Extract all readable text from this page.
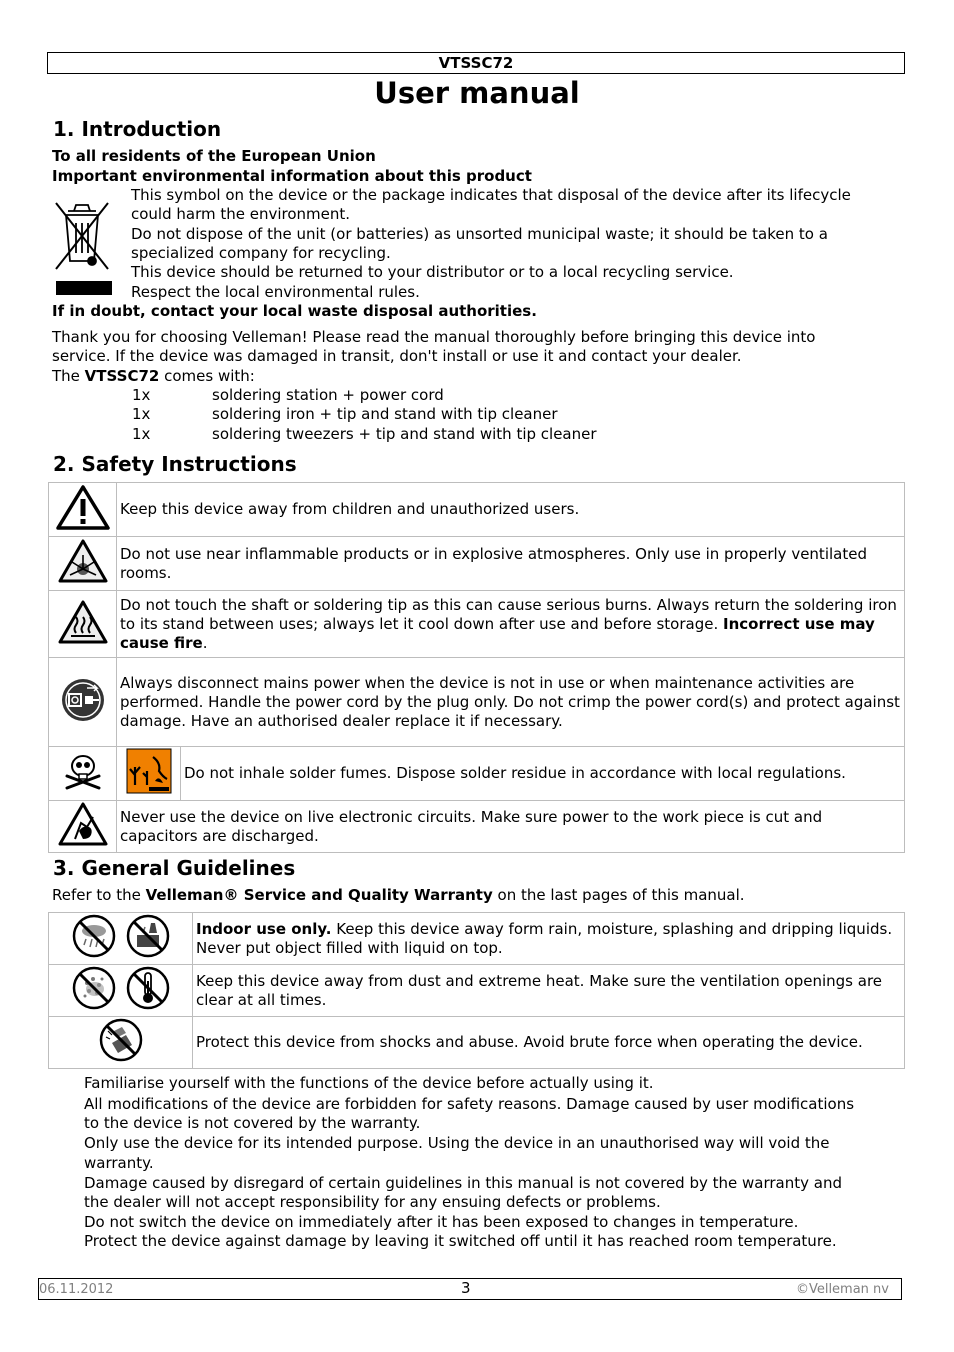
VTSSC72
User manual
1. Introduction
To all residents of the European Union
Important environmental information about this product
This symbol on the device or the package indicates that disposal of the device after its lifecycle
could harm the environment.
Do not dispose of the unit (or batteries) as unsorted municipal waste; it should be taken to a
specialized company for recycling.
This device should be returned to your distributor or to a local recycling service.
Respect the local environmental rules.
If in doubt, contact your local waste disposal authorities.
Thank you for choosing Velleman! Please read the manual thoroughly before bringing this device into
service. If the device was damaged in transit, don't install or use it and contact your dealer.
The VTSSC72 comes with:
1x	soldering station + power cord
1x	soldering iron + tip and stand with tip cleaner
1x	soldering tweezers + tip and stand with tip cleaner
2. Safety Instructions
	Keep this device away from children and unauthorized users.	
	Do not use near inflammable products or in explosive atmospheres. Only use in properly ventilated rooms.	
	Do not touch the shaft or soldering tip as this can cause serious burns. Always return the soldering iron to its stand between uses; always let it cool down after use and before storage. Incorrect use may cause fire.	
	Always disconnect mains power when the device is not in use or when maintenance activities are performed. Handle the power cord by the plug only. Do not crimp the power cord(s) and protect against damage. Have an authorised dealer replace it if necessary.	
		Do not inhale solder fumes. Dispose solder residue in accordance with local regulations.
	Never use the device on live electronic circuits. Make sure power to the work piece is cut and capacitors are discharged.	
3. General Guidelines
Refer to the Velleman® Service and Quality Warranty on the last pages of this manual.
	Indoor use only. Keep this device away form rain, moisture, splashing and dripping liquids. Never put object filled with liquid on top.
	Keep this device away from dust and extreme heat. Make sure the ventilation openings are clear at all times.
	Protect this device from shocks and abuse. Avoid brute force when operating the device.
Familiarise yourself with the functions of the device before actually using it.
All modifications of the device are forbidden for safety reasons. Damage caused by user modifications
to the device is not covered by the warranty.
Only use the device for its intended purpose. Using the device in an unauthorised way will void the
warranty.
Damage caused by disregard of certain guidelines in this manual is not covered by the warranty and
the dealer will not accept responsibility for any ensuing defects or problems.
Do not switch the device on immediately after it has been exposed to changes in temperature.
Protect the device against damage by leaving it switched off until it has reached room temperature.
06.11.2012	3	©Velleman nv
